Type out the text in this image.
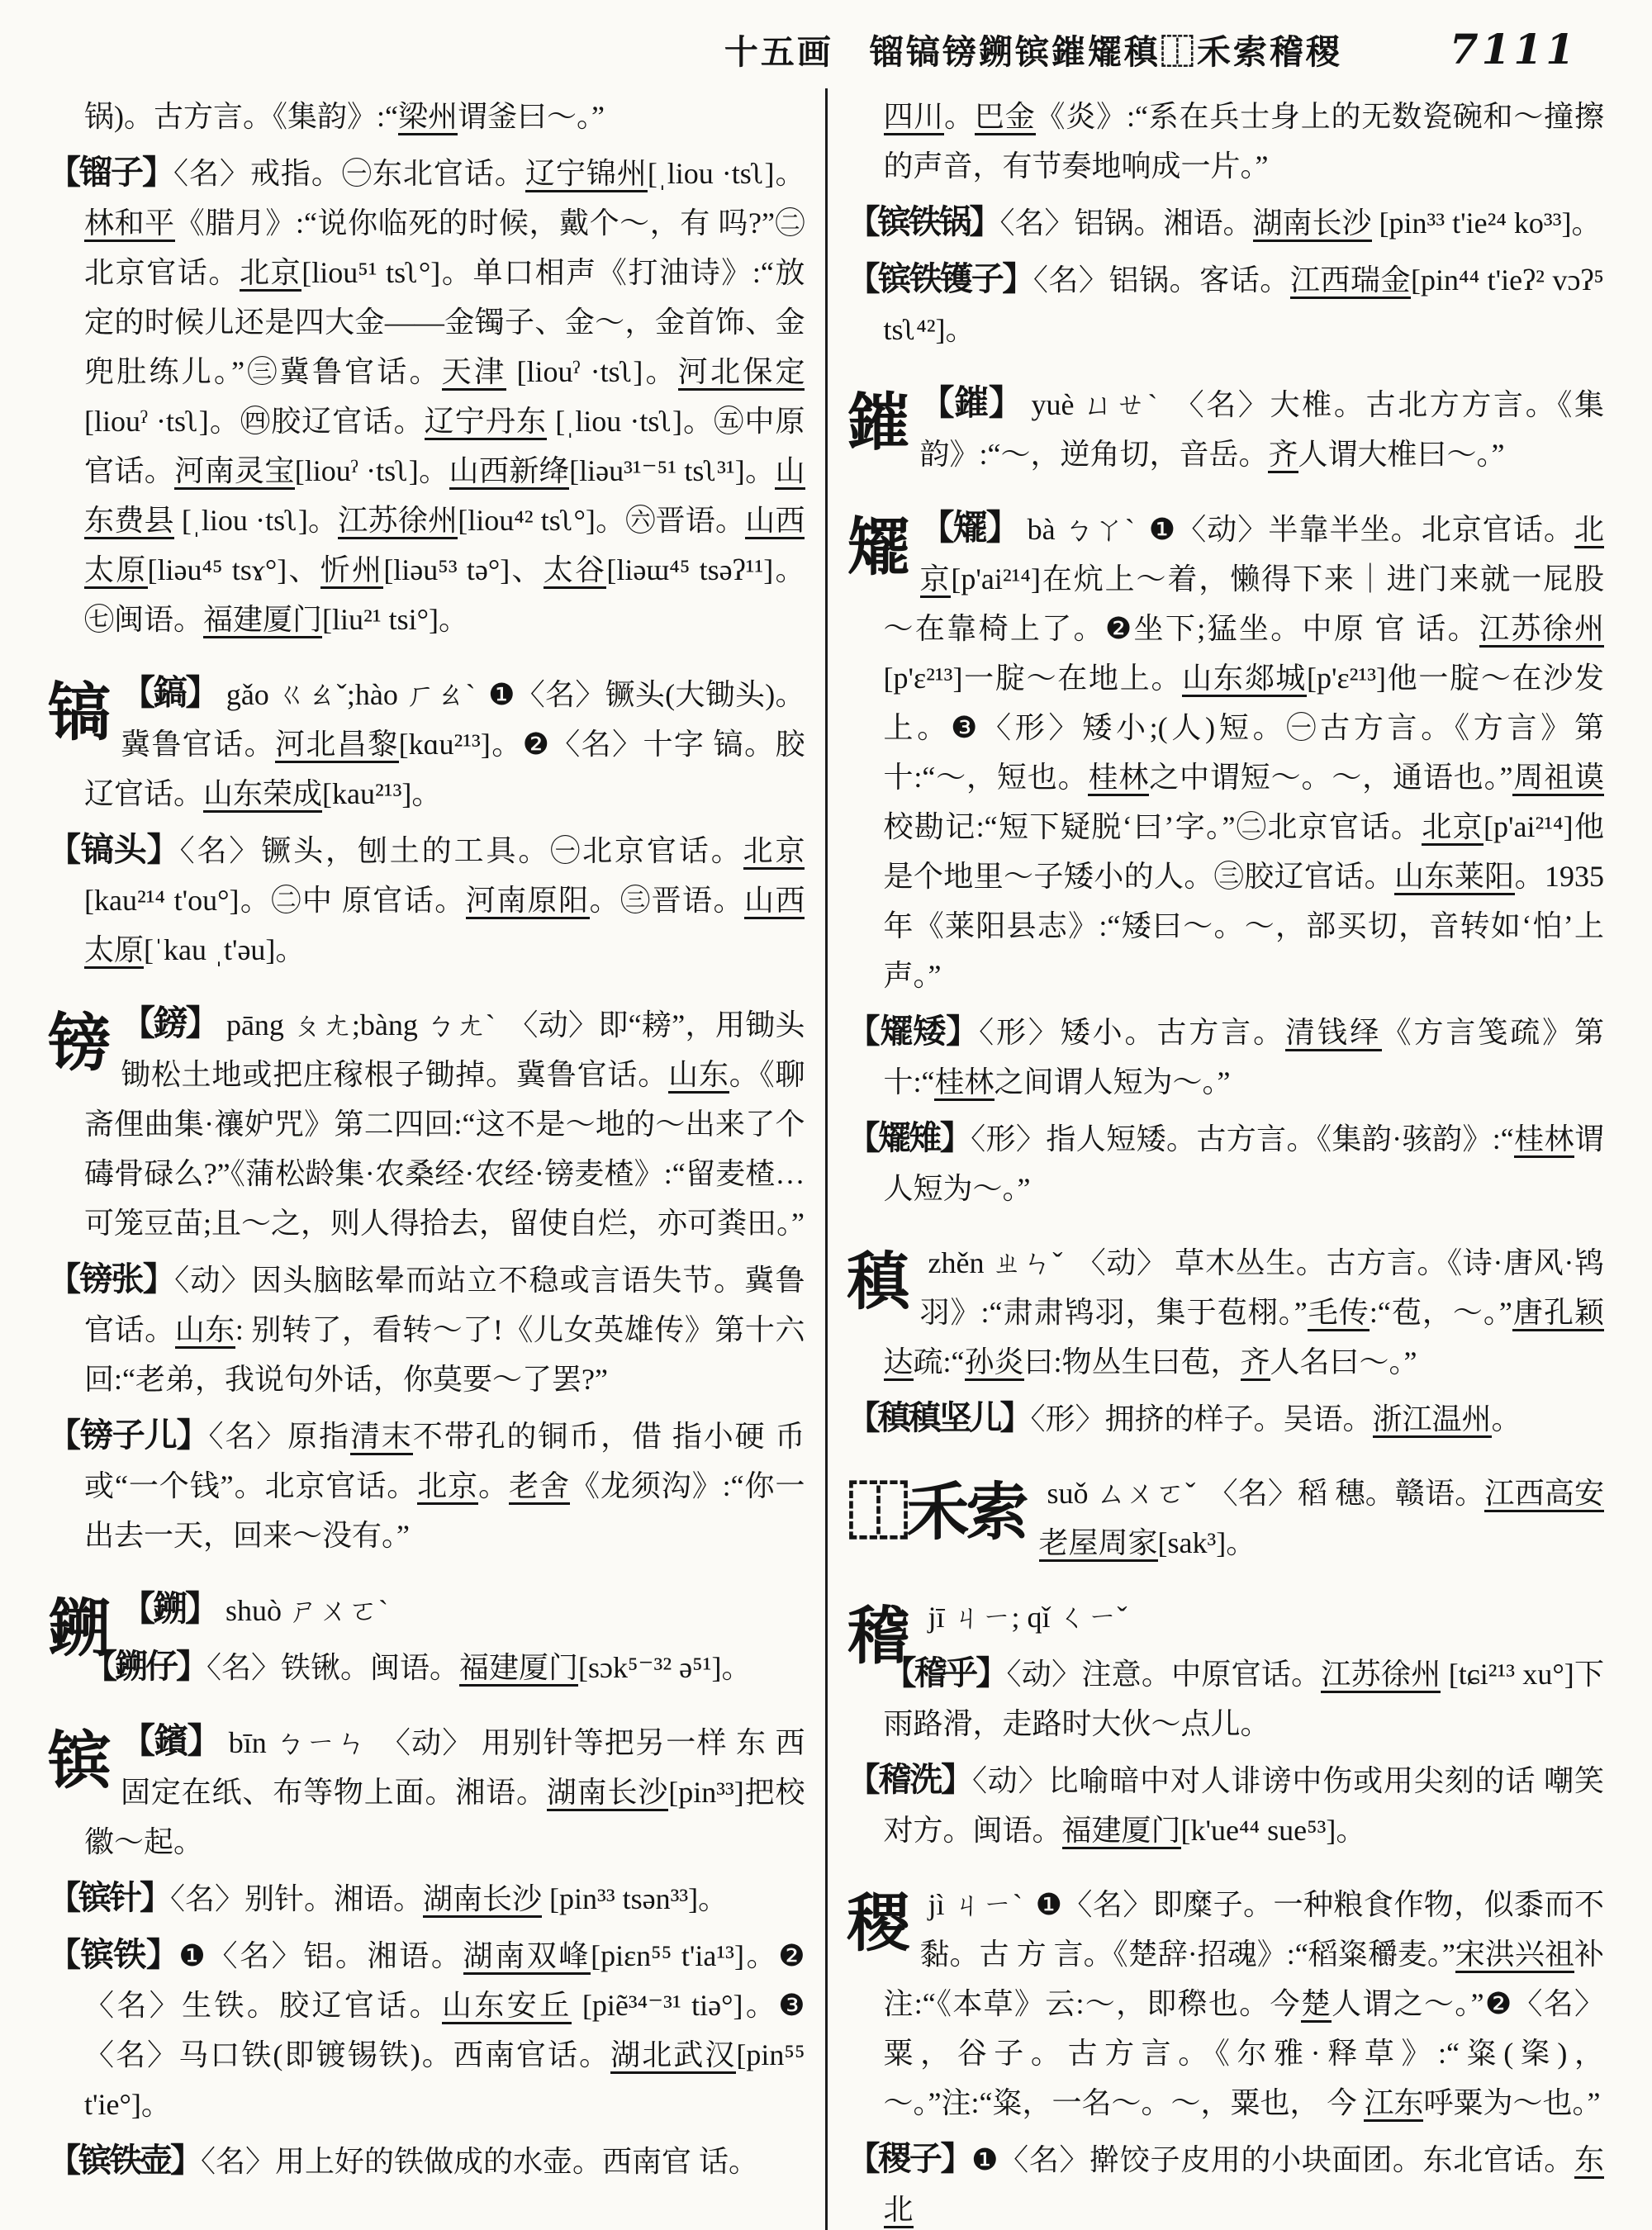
十五画　 镏镐镑鎙镔鏙矲稹⿰禾索稽稷	7111
锅)。古方言。《集韵》:“梁州谓釜曰～。”
【镏子】〈名〉戒指。㊀东北官话。辽宁锦州[ˌliou ·tsʅ]。林和平《腊月》:“说你临死的时候，戴个～，有 吗?”㊁北京官话。北京[liou⁵¹ tsʅ°]。单口相声《打油诗》:“放定的时候儿还是四大金——金镯子、金～，金首饰、金兜肚练儿。”㊂冀鲁官话。天津 [liouˀ ·tsʅ]。河北保定[liouˀ ·tsʅ]。㊃胶辽官话。辽宁丹东 [ˌliou ·tsʅ]。㊄中原官话。河南灵宝[liouˀ ·tsʅ]。山西新绛[liəu³¹⁻⁵¹ tsʅ³¹]。山东费县 [ˌliou ·tsʅ]。江苏徐州[liou⁴² tsʅ°]。㊅晋语。山西太原[liəu⁴⁵ tsɤ°]、忻州[liəu⁵³ tə°]、太谷[liəɯ⁴⁵ tsəʔ¹¹]。㊆闽语。福建厦门[liu²¹ tsi°]。
镐 【鎬】 gǎo ㄍㄠˇ;hào ㄏㄠˋ ❶〈名〉镢头(大锄头)。冀鲁官话。河北昌黎[kɑu²¹³]。❷〈名〉十字 镐。胶辽官话。山东荣成[kau²¹³]。
【镐头】〈名〉镢头，刨土的工具。㊀北京官话。北京[kau²¹⁴ t'ou°]。㊁中 原官话。河南原阳。㊂晋语。山西太原[ˈkau ˌt'əu]。
镑 【鎊】 pāng ㄆㄤ;bàng ㄅㄤˋ 〈动〉即“耪”，用锄头锄松土地或把庄稼根子锄掉。冀鲁官话。山东。《聊斋俚曲集·禳妒咒》第二四回:“这不是～地的～出来了个碡骨碌么?”《蒲松龄集·农桑经·农经·镑麦楂》:“留麦楂…可笼豆苗;且～之，则人得拾去，留使自烂，亦可粪田。”
【镑张】〈动〉因头脑眩晕而站立不稳或言语失节。冀鲁官话。山东: 别转了，看转～了!《儿女英雄传》第十六回:“老弟，我说句外话，你莫要～了罢?”
【镑子儿】〈名〉原指清末不带孔的铜币，借 指小硬 币或“一个钱”。北京官话。北京。老舍《龙须沟》:“你一出去一天，回来～没有。”
鎙 【鎙】 shuò ㄕㄨㄛˋ
【鎙仔】〈名〉铁锹。闽语。福建厦门[sɔk⁵⁻³² ə⁵¹]。
镔 【鑌】 bīn ㄅㄧㄣ 〈动〉 用别针等把另一样 东 西固定在纸、布等物上面。湘语。湖南长沙[pin³³]把校徽～起。
【镔针】〈名〉别针。湘语。湖南长沙 [pin³³ tsən³³]。
【镔铁】❶〈名〉铝。湘语。湖南双峰[piɛn⁵⁵ t'ia¹³]。❷〈名〉生铁。胶辽官话。山东安丘 [piẽ³⁴⁻³¹ tiə°]。❸〈名〉马口铁(即镀锡铁)。西南官话。湖北武汉[pin⁵⁵ t'ie°]。
【镔铁壶】〈名〉用上好的铁做成的水壶。西南官 话。
四川。巴金《炎》:“系在兵士身上的无数瓷碗和～撞擦的声音，有节奏地响成一片。”
【镔铁锅】〈名〉铝锅。湘语。湖南长沙 [pin³³ t'ie²⁴ ko³³]。
【镔铁镬子】〈名〉铝锅。客话。江西瑞金[pin⁴⁴ t'ieʔ² vɔʔ⁵ tsʅ⁴²]。
鏙 【鏙】 yuè ㄩㄝˋ 〈名〉大椎。古北方方言。《集韵》:“～，逆角切，音岳。齐人谓大椎曰～。”
矲 【矲】 bà ㄅㄚˋ ❶〈动〉半靠半坐。北京官话。北京[p'ai²¹⁴]在炕上～着，懒得下来｜进门来就一屁股～在靠椅上了。❷坐下;猛坐。中原 官 话。江苏徐州[p'ɛ²¹³]一腚～在地上。山东郯城[p'ɛ²¹³]他一腚～在沙发上。❸〈形〉矮小;(人)短。㊀古方言。《方言》第十:“～，短也。桂林之中谓短～。～，通语也。”周祖谟校勘记:“短下疑脱‘曰’字。”㊁北京官话。北京[p'ai²¹⁴]他是个地里～子矮小的人。㊂胶辽官话。山东莱阳。1935年《莱阳县志》:“矮曰～。～，部买切，音转如‘怕’上声。”
【矲矮】〈形〉矮小。古方言。清钱绎《方言笺疏》第十:“桂林之间谓人短为～。”
【矲雉】〈形〉指人短矮。古方言。《集韵·骇韵》:“桂林谓人短为～。”
稹zhěn ㄓㄣˇ 〈动〉 草木丛生。古方言。《诗·唐风·鸨羽》:“肃肃鸨羽，集于苞栩。”毛传:“苞，～。”唐孔颖达疏:“孙炎曰:物丛生曰苞，齐人名曰～。”
【稹稹坚儿】〈形〉拥挤的样子。吴语。浙江温州。
⿰禾索 suǒ ㄙㄨㄛˇ 〈名〉稻 穗。赣语。江西高安老屋周家[sak³]。
稽jī ㄐㄧ; qǐ ㄑㄧˇ
【稽乎】〈动〉注意。中原官话。江苏徐州 [tɕi²¹³ xu°]下雨路滑，走路时大伙～点儿。
【稽洗】〈动〉比喻暗中对人诽谤中伤或用尖刻的话 嘲笑对方。闽语。福建厦门[k'ue⁴⁴ sue⁵³]。
稷jì ㄐㄧˋ ❶〈名〉即糜子。一种粮食作物，似黍而不黏。古 方 言。《楚辞·招魂》:“稻粢穱麦。”宋洪兴祖补注:“《本草》云:～，即穄也。今楚人谓之～。”❷〈名〉粟，谷子。古方言。《尔雅·释草》:“粢(秶)，～。”注:“粢，一名～。～，粟也， 今 江东呼粟为～也。”
【稷子】❶〈名〉擀饺子皮用的小块面团。东北官话。东北
